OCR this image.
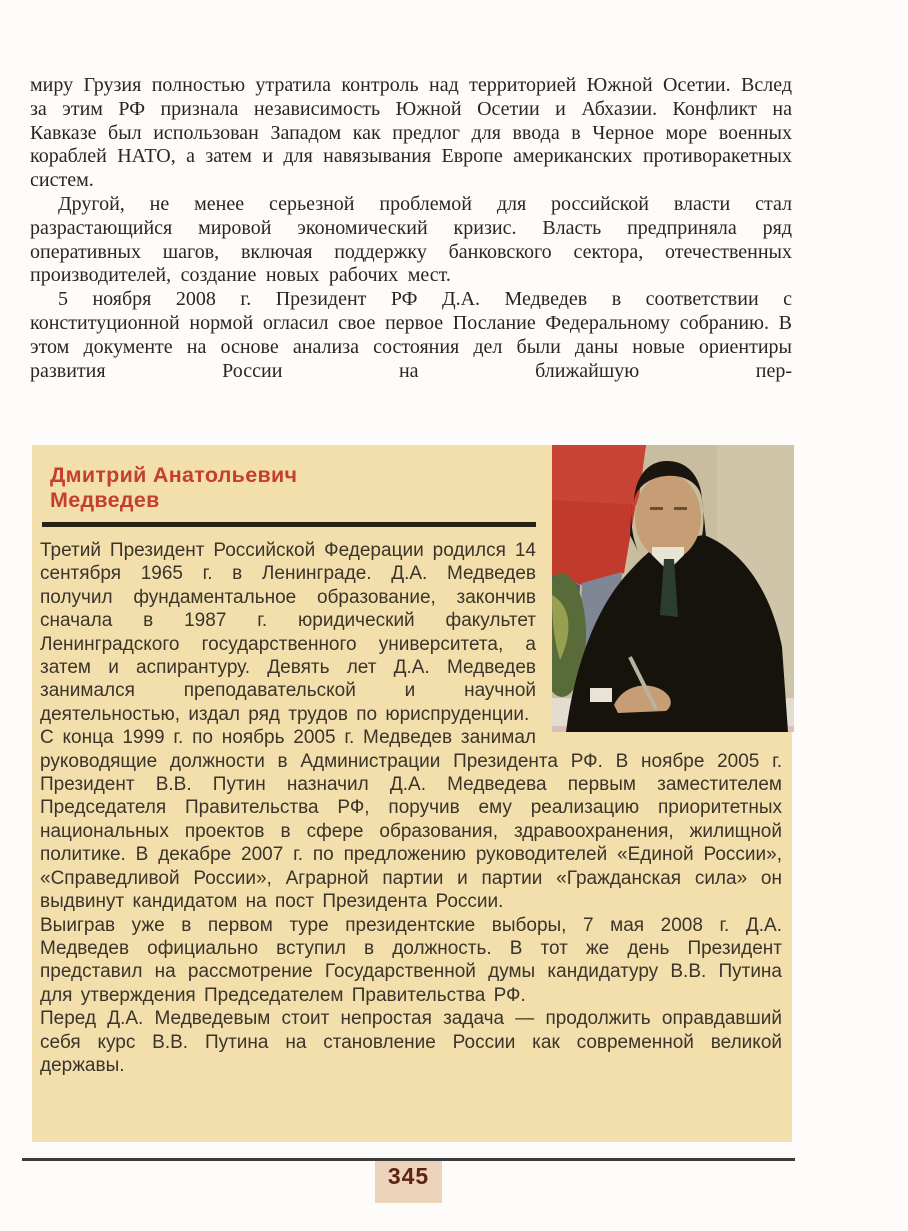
миру Грузия полностью утратила контроль над территорией Южной Осетии. Вслед за этим РФ признала независимость Южной Осетии и Абхазии. Конфликт на Кавказе был использован Западом как предлог для ввода в Черное море военных кораблей НАТО, а затем и для навязывания Европе американских противоракетных систем.

Другой, не менее серьезной проблемой для российской власти стал разрастающийся мировой экономический кризис. Власть предприняла ряд оперативных шагов, включая поддержку банковского сектора, отечественных производителей, создание новых рабочих мест.

5 ноября 2008 г. Президент РФ Д.А. Медведев в соответствии с конституционной нормой огласил свое первое Послание Федеральному собранию. В этом документе на основе анализа состояния дел были даны новые ориентиры развития России на ближайшую пер-

Дмитрий Анатольевич
Медведев

Третий Президент Российской Федерации родился 14 сентября 1965 г. в Ленинграде. Д.А. Медведев получил фундаментальное образование, закончив сначала в 1987 г. юридический факультет Ленинградского государственного университета, а затем и аспирантуру. Девять лет Д.А. Медведев занимался преподавательской и научной деятельностью, издал ряд трудов по юриспруденции.

С конца 1999 г. по ноябрь 2005 г. Медведев занимал руководящие должности в Администрации Президента РФ. В ноябре 2005 г. Президент В.В. Путин назначил Д.А. Медведева первым заместителем Председателя Правительства РФ, поручив ему реализацию приоритетных национальных проектов в сфере образования, здравоохранения, жилищной политике. В декабре 2007 г. по предложению руководителей «Единой России», «Справедливой России», Аграрной партии и партии «Гражданская сила» он выдвинут кандидатом на пост Президента России.

Выиграв уже в первом туре президентские выборы, 7 мая 2008 г. Д.А. Медведев официально вступил в должность. В тот же день Президент представил на рассмотрение Государственной думы кандидатуру В.В. Путина для утверждения Председателем Правительства РФ.

Перед Д.А. Медведевым стоит непростая задача — продолжить оправдавший себя курс В.В. Путина на становление России как современной великой державы.

345
